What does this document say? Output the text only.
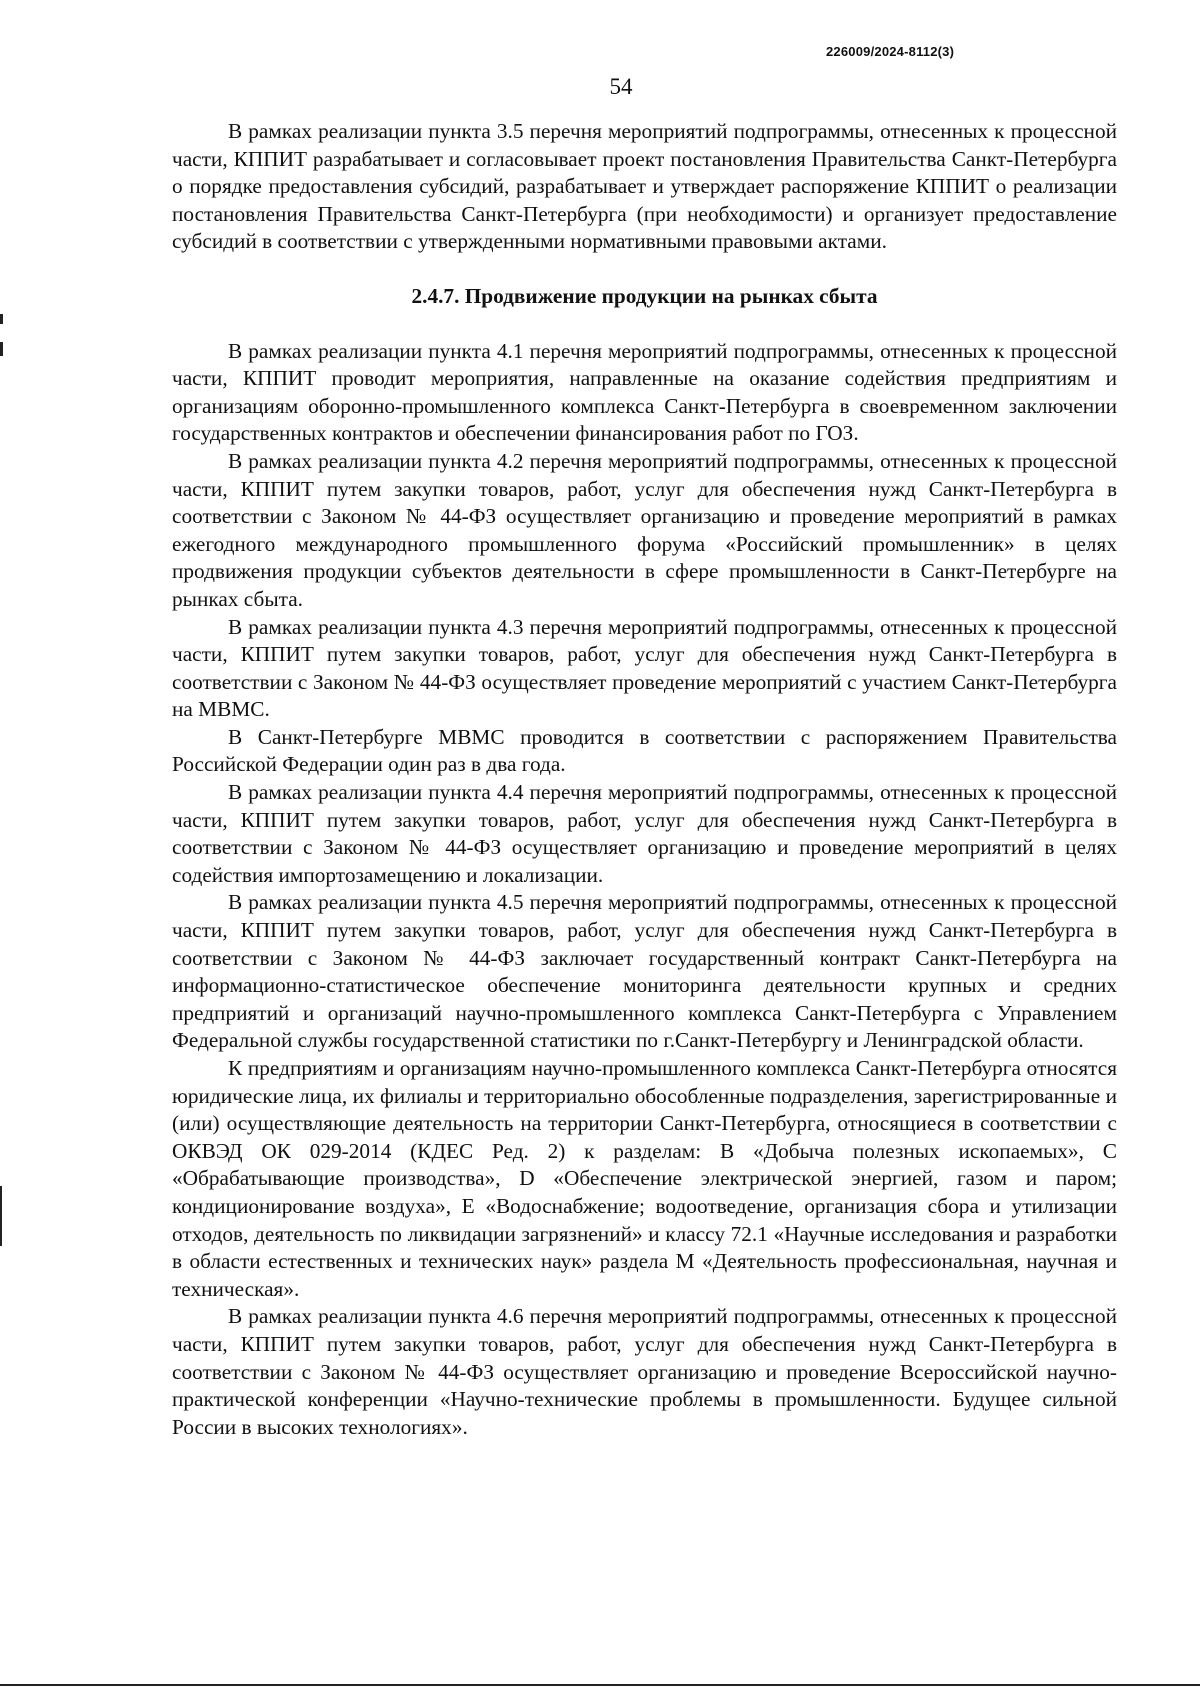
226009/2024-8112(3)
54

В рамках реализации пункта 3.5 перечня мероприятий подпрограммы, отнесенных к процессной части, КППИТ разрабатывает и согласовывает проект постановления Правительства Санкт-Петербурга о порядке предоставления субсидий, разрабатывает и утверждает распоряжение КППИТ о реализации постановления Правительства Санкт-Петербурга (при необходимости) и организует предоставление субсидий в соответствии с утвержденными нормативными правовыми актами.

2.4.7. Продвижение продукции на рынках сбыта

В рамках реализации пункта 4.1 перечня мероприятий подпрограммы, отнесенных к процессной части, КППИТ проводит мероприятия, направленные на оказание содействия предприятиям и организациям оборонно-промышленного комплекса Санкт-Петербурга в своевременном заключении государственных контрактов и обеспечении финансирования работ по ГОЗ.

В рамках реализации пункта 4.2 перечня мероприятий подпрограммы, отнесенных к процессной части, КППИТ путем закупки товаров, работ, услуг для обеспечения нужд Санкт-Петербурга в соответствии с Законом № 44-ФЗ осуществляет организацию и проведение мероприятий в рамках ежегодного международного промышленного форума «Российский промышленник» в целях продвижения продукции субъектов деятельности в сфере промышленности в Санкт-Петербурге на рынках сбыта.

В рамках реализации пункта 4.3 перечня мероприятий подпрограммы, отнесенных к процессной части, КППИТ путем закупки товаров, работ, услуг для обеспечения нужд Санкт-Петербурга в соответствии с Законом № 44-ФЗ осуществляет проведение мероприятий с участием Санкт-Петербурга на МВМС.

В Санкт-Петербурге МВМС проводится в соответствии с распоряжением Правительства Российской Федерации один раз в два года.

В рамках реализации пункта 4.4 перечня мероприятий подпрограммы, отнесенных к процессной части, КППИТ путем закупки товаров, работ, услуг для обеспечения нужд Санкт-Петербурга в соответствии с Законом № 44-ФЗ осуществляет организацию и проведение мероприятий в целях содействия импортозамещению и локализации.

В рамках реализации пункта 4.5 перечня мероприятий подпрограммы, отнесенных к процессной части, КППИТ путем закупки товаров, работ, услуг для обеспечения нужд Санкт-Петербурга в соответствии с Законом № 44-ФЗ заключает государственный контракт Санкт-Петербурга на информационно-статистическое обеспечение мониторинга деятельности крупных и средних предприятий и организаций научно-промышленного комплекса Санкт-Петербурга с Управлением Федеральной службы государственной статистики по г.Санкт-Петербургу и Ленинградской области.

К предприятиям и организациям научно-промышленного комплекса Санкт-Петербурга относятся юридические лица, их филиалы и территориально обособленные подразделения, зарегистрированные и (или) осуществляющие деятельность на территории Санкт-Петербурга, относящиеся в соответствии с ОКВЭД ОК 029-2014 (КДЕС Ред. 2) к разделам: B «Добыча полезных ископаемых», C «Обрабатывающие производства», D «Обеспечение электрической энергией, газом и паром; кондиционирование воздуха», E «Водоснабжение; водоотведение, организация сбора и утилизации отходов, деятельность по ликвидации загрязнений» и классу 72.1 «Научные исследования и разработки в области естественных и технических наук» раздела M «Деятельность профессиональная, научная и техническая».

В рамках реализации пункта 4.6 перечня мероприятий подпрограммы, отнесенных к процессной части, КППИТ путем закупки товаров, работ, услуг для обеспечения нужд Санкт-Петербурга в соответствии с Законом № 44-ФЗ осуществляет организацию и проведение Всероссийской научно-практической конференции «Научно-технические проблемы в промышленности. Будущее сильной России в высоких технологиях».
